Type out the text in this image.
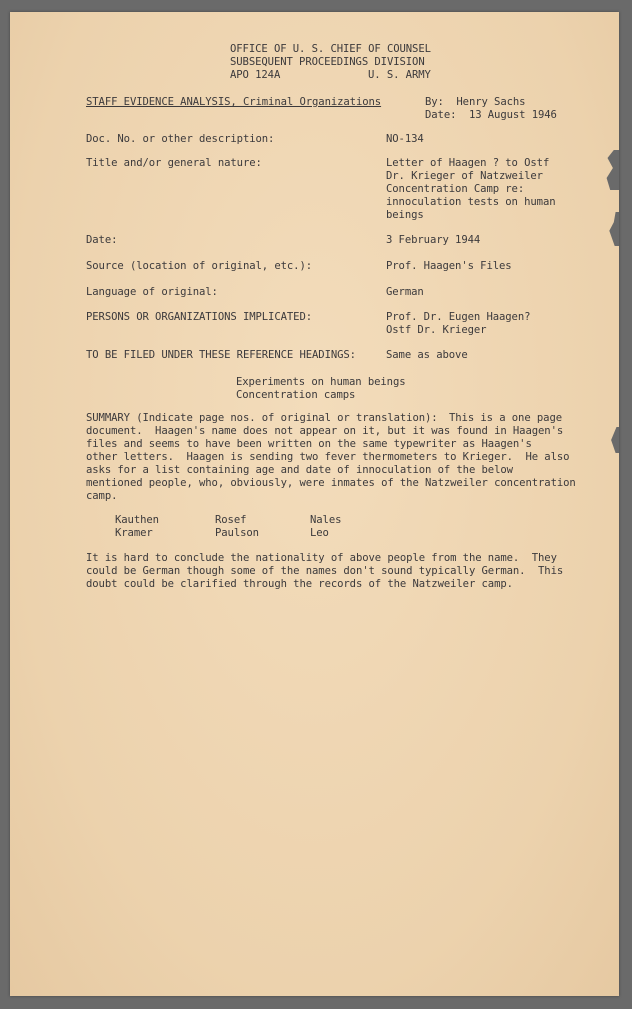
OFFICE OF U. S. CHIEF OF COUNSEL
SUBSEQUENT PROCEEDINGS DIVISION
APO 124A	U. S. ARMY
STAFF EVIDENCE ANALYSIS, Criminal Organizations	By:  Henry Sachs
Date:  13 August 1946
Doc. No. or other description:	NO-134
Title and/or general nature:	Letter of Haagen ? to Ostf
Dr. Krieger of Natzweiler
Concentration Camp re:
innoculation tests on human
beings
Date:	3 February 1944
Source (location of original, etc.):	Prof. Haagen's Files
Language of original:	German
PERSONS OR ORGANIZATIONS IMPLICATED:	Prof. Dr. Eugen Haagen?
Ostf Dr. Krieger
TO BE FILED UNDER THESE REFERENCE HEADINGS:	Same as above
Experiments on human beings
Concentration camps
SUMMARY (Indicate page nos. of original or translation): This is a one page
document.  Haagen's name does not appear on it, but it was found in Haagen's
files and seems to have been written on the same typewriter as Haagen's
other letters.  Haagen is sending two fever thermometers to Krieger.  He also
asks for a list containing age and date of innoculation of the below
mentioned people, who, obviously, were inmates of the Natzweiler concentration
camp.
Kauthen	Rosef	Nales
Kramer	Paulson	Leo
It is hard to conclude the nationality of above people from the name.  They
could be German though some of the names don't sound typically German.  This
doubt could be clarified through the records of the Natzweiler camp.
